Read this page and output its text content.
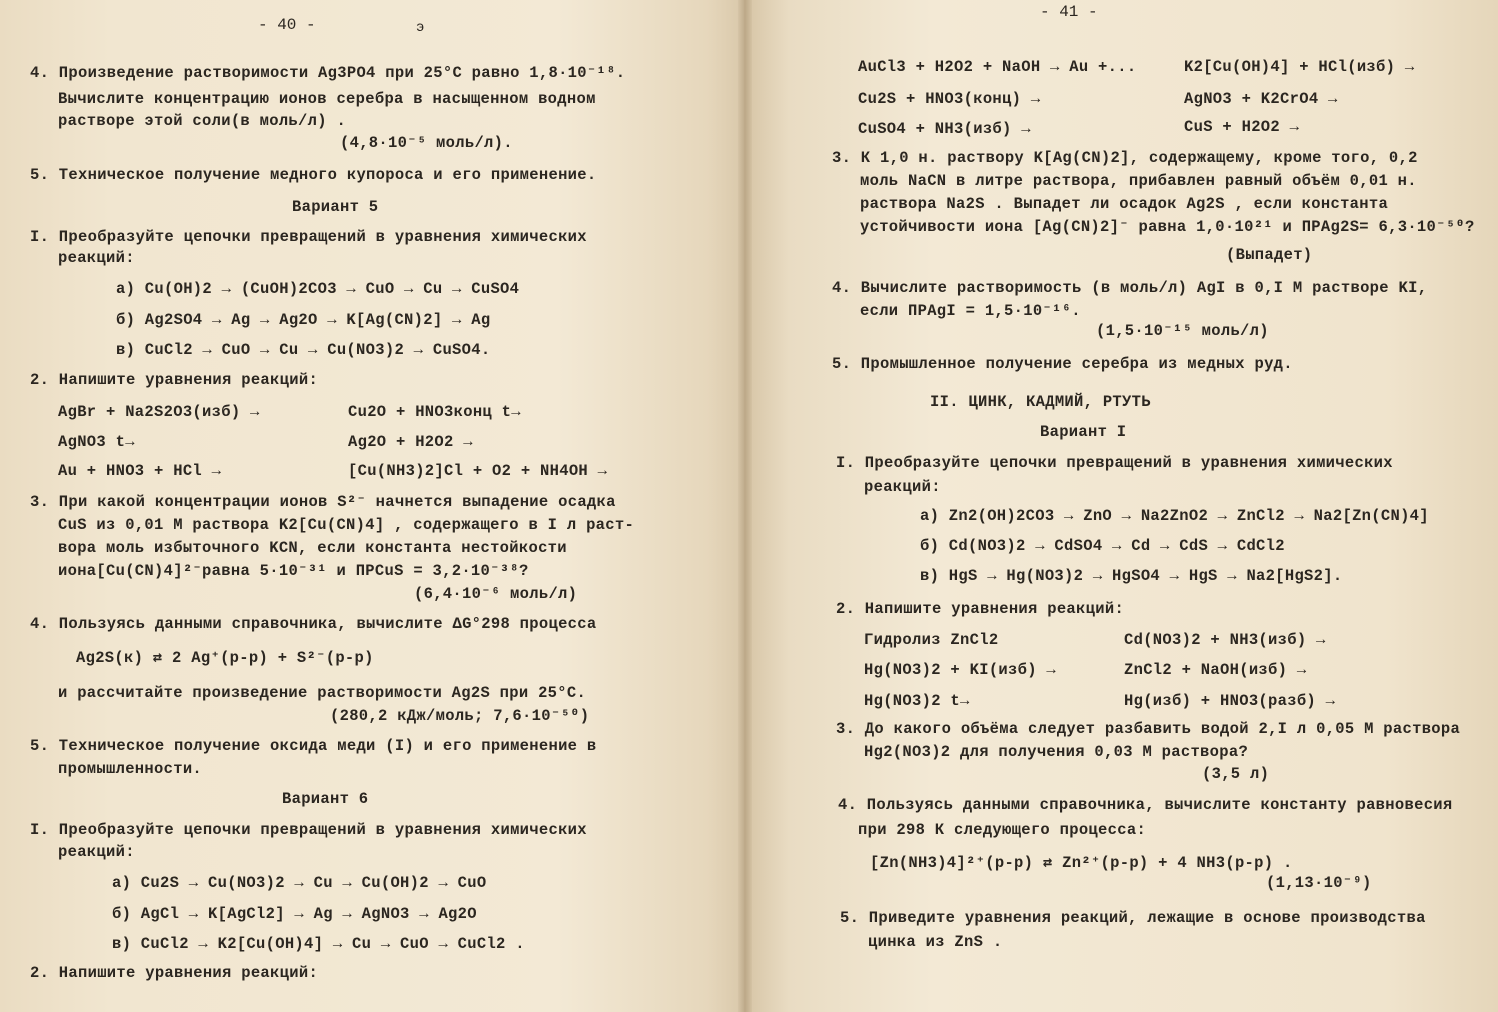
- 40 -	э
4. Произведение растворимости Ag3PO4 при 25°С равно 1,8·10⁻¹⁸.
Вычислите концентрацию ионов серебра в насыщенном водном
растворе этой соли(в моль/л) .
(4,8·10⁻⁵ моль/л).
5. Техническое получение медного купороса и его применение.
Вариант 5
I. Преобразуйте цепочки превращений в уравнения химических
реакций:
а) Cu(OH)2 → (CuOH)2CO3 → CuO → Cu → CuSO4
б) Ag2SO4 → Ag → Ag2O → K[Ag(CN)2] → Ag
в) CuCl2 → CuO → Cu → Cu(NO3)2 → CuSO4.
2. Напишите уравнения реакций:
AgBr + Na2S2O3(изб) →	Cu2O + HNO3конц t→
AgNO3 t→	Ag2O + H2O2 →
Au + HNO3 + HCl →	[Cu(NH3)2]Cl + O2 + NH4OH →
3. При какой концентрации ионов S²⁻ начнется выпадение осадка
CuS из 0,01 М раствора K2[Cu(CN)4] , содержащего в I л раст-
вора моль избыточного KCN, если константа нестойкости
иона[Cu(CN)4]²⁻равна 5·10⁻³¹ и ПРCuS = 3,2·10⁻³⁸?
(6,4·10⁻⁶ моль/л)
4. Пользуясь данными справочника, вычислите ΔG°298 процесса
Ag2S(к) ⇄ 2 Ag⁺(р-р) + S²⁻(р-р)
и рассчитайте произведение растворимости Ag2S при 25°С.
(280,2 кДж/моль; 7,6·10⁻⁵⁰)
5. Техническое получение оксида меди (I) и его применение в
промышленности.
Вариант 6
I. Преобразуйте цепочки превращений в уравнения химических
реакций:
а) Cu2S → Cu(NO3)2 → Cu → Cu(OH)2 → CuO
б) AgCl → K[AgCl2] → Ag → AgNO3 → Ag2O
в) CuCl2 → K2[Cu(OH)4] → Cu → CuO → CuCl2 .
2. Напишите уравнения реакций:
- 41 -
AuCl3 + H2O2 + NaOH → Au +...	K2[Cu(OH)4] + HCl(изб) →
Cu2S + HNO3(конц) →	AgNO3 + K2CrO4 →
CuSO4 + NH3(изб) →	CuS + H2O2 →
3. К 1,0 н. раствору K[Ag(CN)2], содержащему, кроме того, 0,2
моль NaCN в литре раствора, прибавлен равный объём 0,01 н.
раствора Na2S . Выпадет ли осадок Ag2S , если константа
устойчивости иона [Ag(CN)2]⁻ равна 1,0·10²¹ и ПРAg2S= 6,3·10⁻⁵⁰?
(Выпадет)
4. Вычислите растворимость (в моль/л) AgI в 0,I М растворе KI,
если ПРAgI = 1,5·10⁻¹⁶.
(1,5·10⁻¹⁵ моль/л)
5. Промышленное получение серебра из медных руд.
II. ЦИНК, КАДМИЙ, РТУТЬ
Вариант I
I. Преобразуйте цепочки превращений в уравнения химических
реакций:
а) Zn2(OH)2CO3 → ZnO → Na2ZnO2 → ZnCl2 → Na2[Zn(CN)4]
б) Cd(NO3)2 → CdSO4 → Cd → CdS → CdCl2
в) HgS → Hg(NO3)2 → HgSO4 → HgS → Na2[HgS2].
2. Напишите уравнения реакций:
Гидролиз ZnCl2	Cd(NO3)2 + NH3(изб) →
Hg(NO3)2 + KI(изб) →	ZnCl2 + NaOH(изб) →
Hg(NO3)2 t→	Hg(изб) + HNO3(разб) →
3. До какого объёма следует разбавить водой 2,I л 0,05 М раствора
Hg2(NO3)2 для получения 0,03 М раствора?
(3,5 л)
4. Пользуясь данными справочника, вычислите константу равновесия
при 298 К следующего процесса:
[Zn(NH3)4]²⁺(р-р) ⇄ Zn²⁺(р-р) + 4 NH3(р-р) .
(1,13·10⁻⁹)
5. Приведите уравнения реакций, лежащие в основе производства
цинка из ZnS .
